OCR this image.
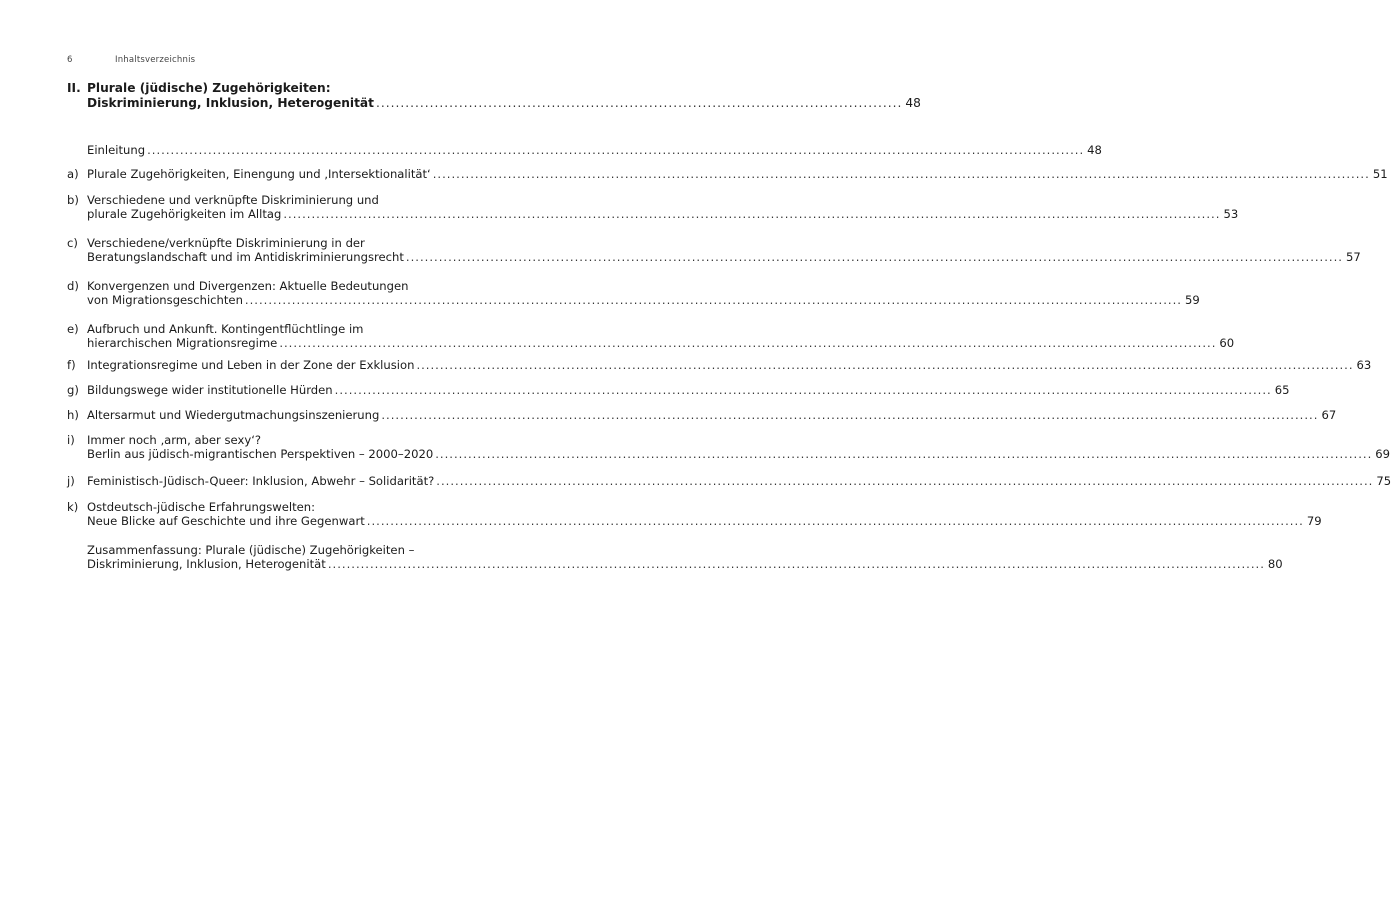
6	Inhaltsverzeichnis
II. Plurale (jüdische) Zugehörigkeiten:
Diskriminierung, Inklusion, Heterogenität ............................................................................................................ 48
Einleitung ........................................................................................................................................................................................................ 48
a) Plurale Zugehörigkeiten, Einengung und ‚Intersektionalität‘ ........................................................................................................................................................................................................ 51
b) Verschiedene und verknüpfte Diskriminierung und
plurale Zugehörigkeiten im Alltag ........................................................................................................................................................................................................ 53
c) Verschiedene/verknüpfte Diskriminierung in der
Beratungslandschaft und im Antidiskriminierungsrecht ........................................................................................................................................................................................................ 57
d) Konvergenzen und Divergenzen: Aktuelle Bedeutungen
von Migrationsgeschichten ........................................................................................................................................................................................................ 59
e) Aufbruch und Ankunft. Kontingentflüchtlinge im
hierarchischen Migrationsregime ........................................................................................................................................................................................................ 60
f) Integrationsregime und Leben in der Zone der Exklusion ........................................................................................................................................................................................................ 63
g) Bildungswege wider institutionelle Hürden ........................................................................................................................................................................................................ 65
h) Altersarmut und Wiedergutmachungsinszenierung ........................................................................................................................................................................................................ 67
i) Immer noch ‚arm, aber sexy‘?
Berlin aus jüdisch-migrantischen Perspektiven – 2000–2020 ........................................................................................................................................................................................................ 69
j) Feministisch-Jüdisch-Queer: Inklusion, Abwehr – Solidarität? ........................................................................................................................................................................................................ 75
k) Ostdeutsch-jüdische Erfahrungswelten:
Neue Blicke auf Geschichte und ihre Gegenwart ........................................................................................................................................................................................................ 79
Zusammenfassung: Plurale (jüdische) Zugehörigkeiten –
Diskriminierung, Inklusion, Heterogenität ........................................................................................................................................................................................................ 80
